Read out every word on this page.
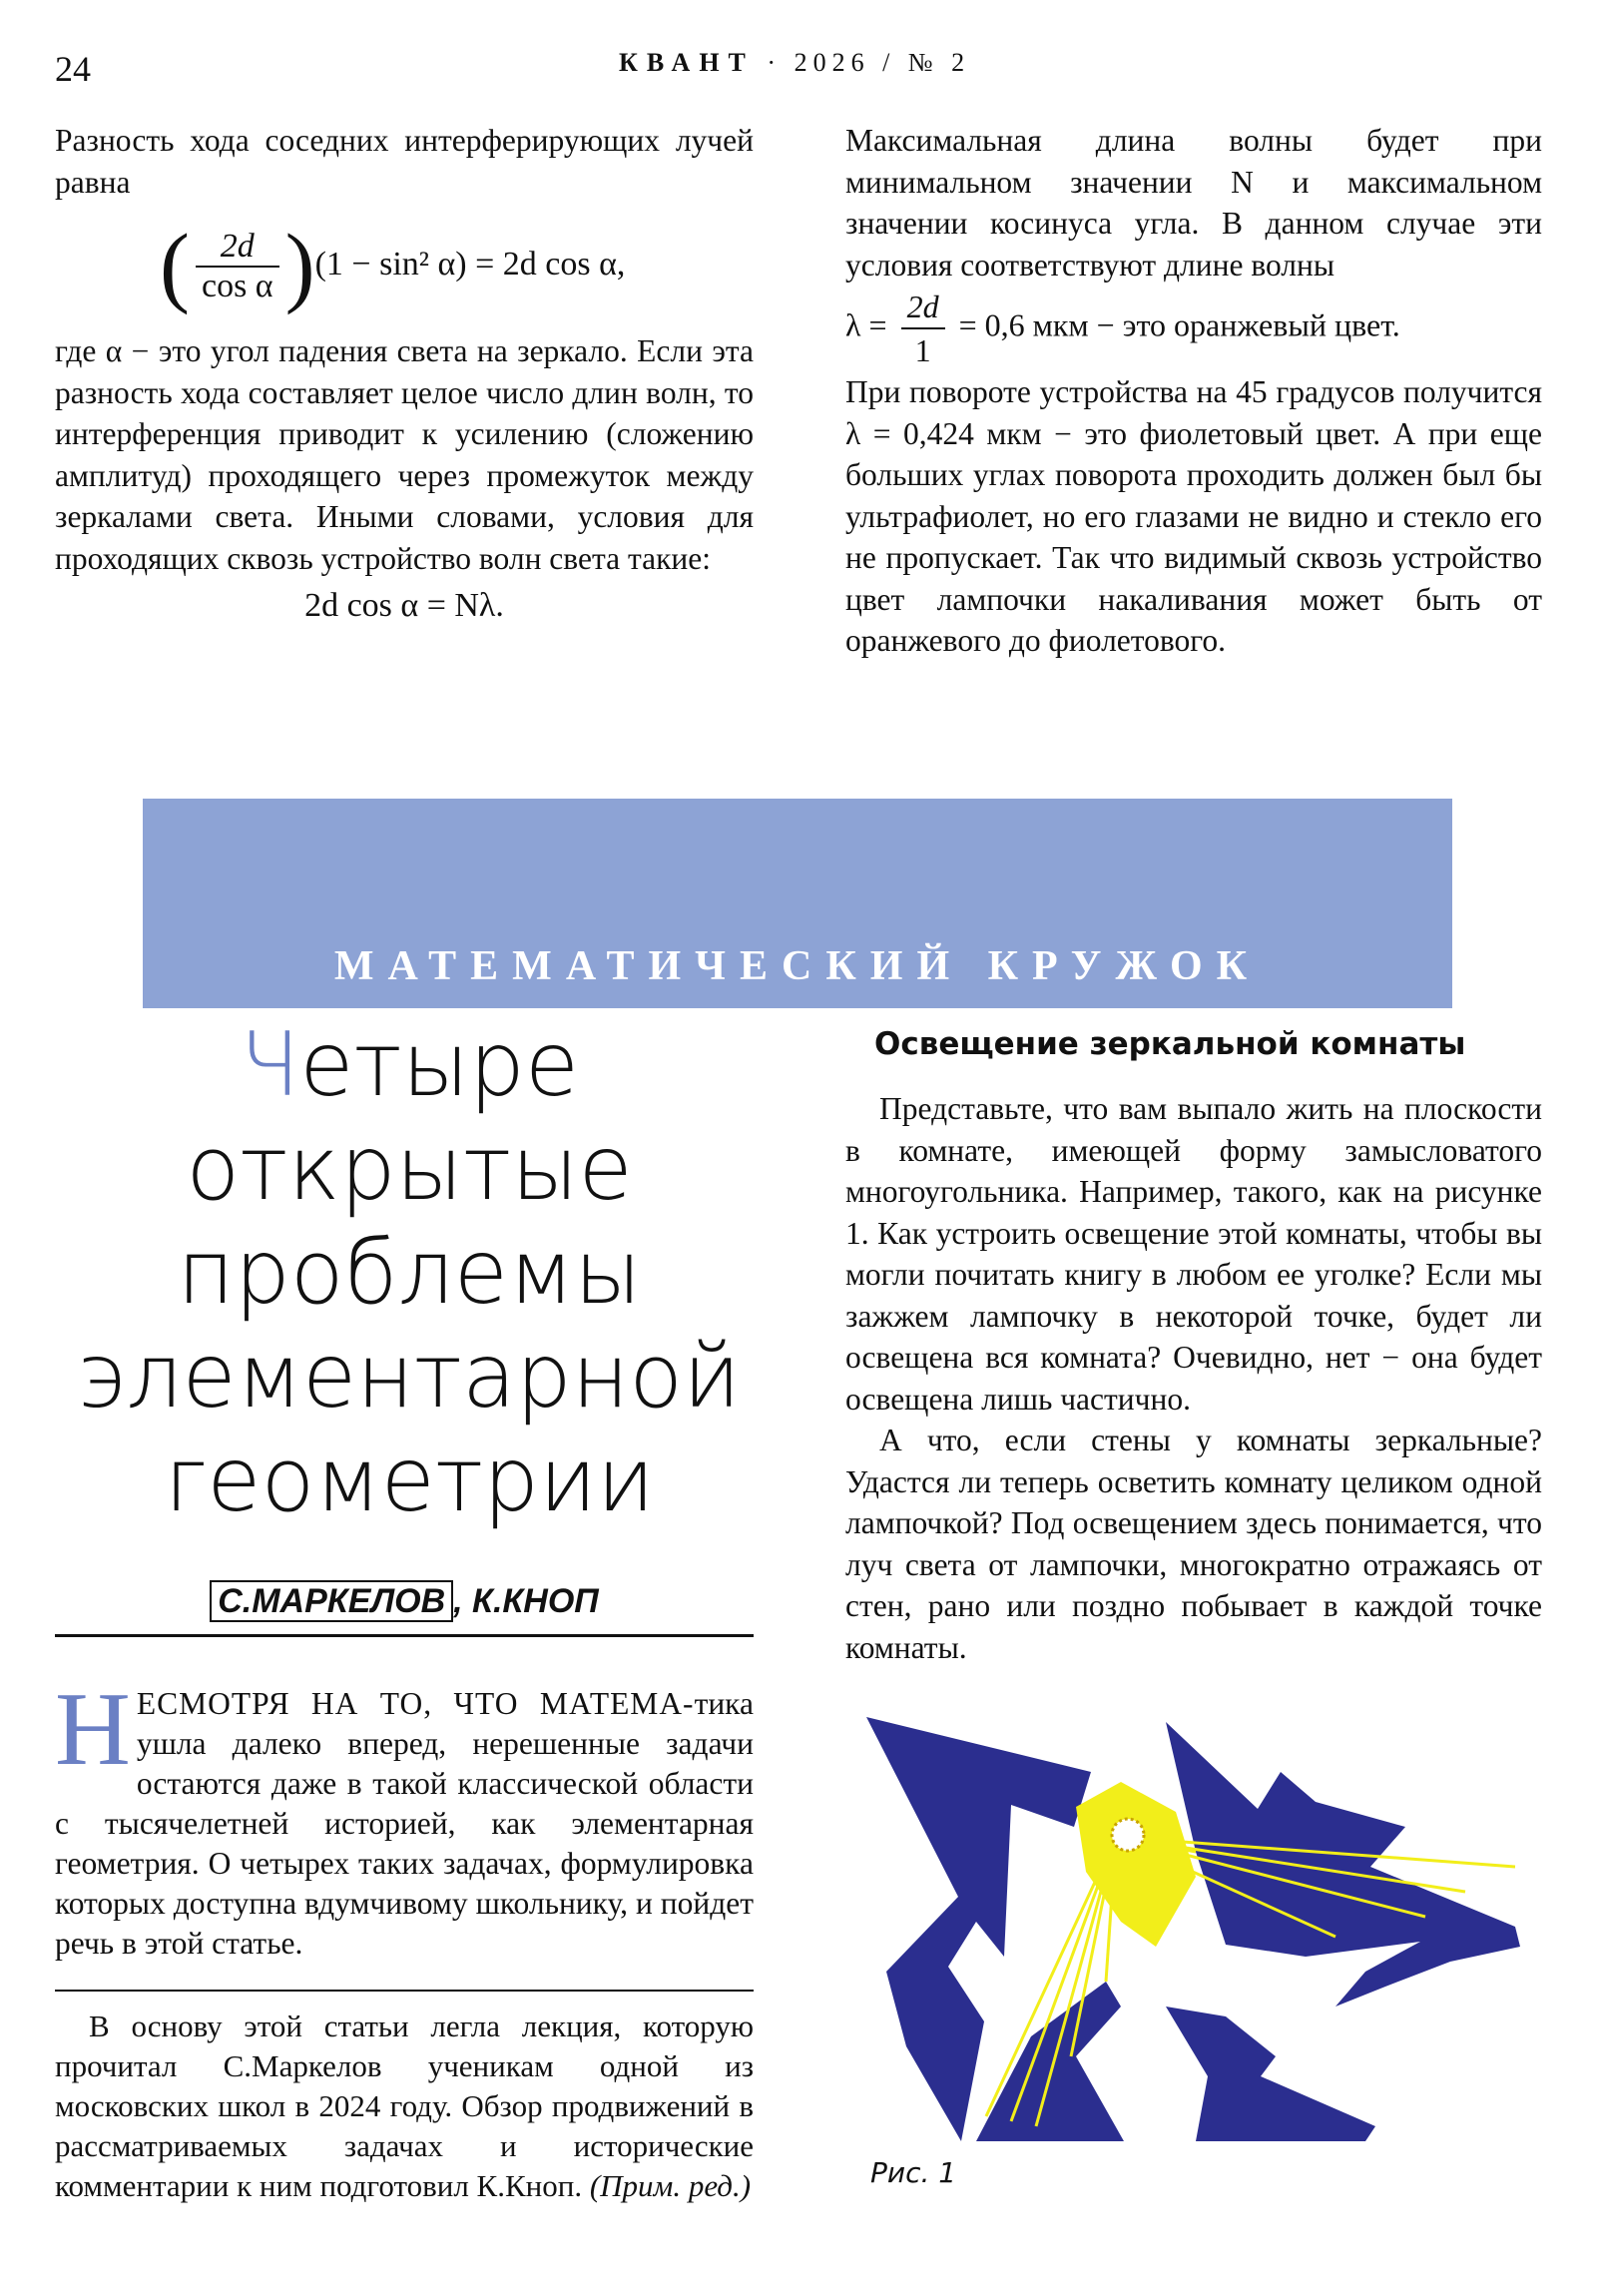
24	КВАНТ · 2026 / № 2

Разность хода соседних интерферирующих лучей равна

где α − это угол падения света на зеркало. Если эта разность хода составляет целое число длин волн, то интерференция приводит к усилению (сложению амплитуд) проходящего через промежуток между зеркалами света. Иными словами, условия для проходящих сквозь устройство волн света такие:

2d cos α = Nλ.
( $\frac{2d}{\text{cos α}} )(1 - \sin^2$ α) = 2d cos α,

Максимальная длина волны будет при минимальном значении N и максимальном значении косинуса угла. В данном случае эти условия соответствуют длине волны

$\lambda = \frac{2d}{1} = 0,6$ мкм − это оранжевый цвет.

При повороте устройства на 45 градусов получится λ = 0,424 мкм − это фиолетовый цвет. А при еще больших углах поворота проходить должен был бы ультрафиолет, но его глазами не видно и стекло его не пропускает. Так что видимый сквозь устройство цвет лампочки накаливания может быть от оранжевого до фиолетового.

МАТЕМАТИЧЕСКИЙ КРУЖОК
Четыре
открытые
проблемы
элементарной
геометрии
С.МАРКЕЛОВ , К.КНОП
НЕСМОТРЯ НА ТО, ЧТО МАТЕМА-тика ушла далеко вперед, нерешенные задачи остаются даже в такой классической области с тысячелетней историей, как элементарная геометрия. О четырех таких задачах, формулировка которых доступна вдумчивому школьнику, и пойдет речь в этой статье.
В основу этой статьи легла лекция, которую прочитал С.Маркелов ученикам одной из московских школ в 2024 году. Обзор продвижений в рассматриваемых задачах и исторические комментарии к ним подготовил К.Кноп. (Прим. ред.)
Освещение зеркальной комнаты

Представьте, что вам выпало жить на плоскости в комнате, имеющей форму замысловатого многоугольника. Например, такого, как на рисунке 1. Как устроить освещение этой комнаты, чтобы вы могли почитать книгу в любом ее уголке? Если мы зажжем лампочку в некоторой точке, будет ли освещена вся комната? Очевидно, нет − она будет освещена лишь частично.

А что, если стены у комнаты зеркальные? Удастся ли теперь осветить комнату целиком одной лампочкой? Под освещением здесь понимается, что луч света от лампочки, многократно отражаясь от стен, рано или поздно побывает в каждой точке комнаты.

Рис. 1
